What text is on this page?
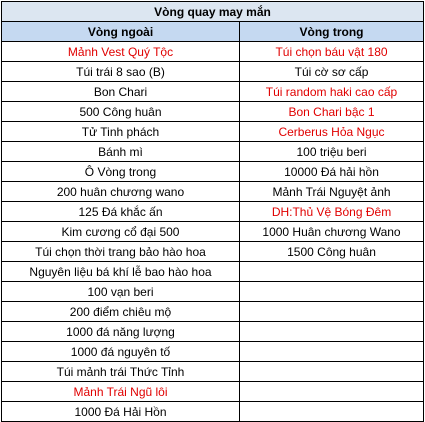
Vòng quay may mắn	
Vòng ngoài	Vòng trong
Mảnh Vest Quý Tộc	Túi chọn báu vật 180
Túi trái 8 sao (B)	Túi cờ sơ cấp
Bon Chari	Túi random haki cao cấp
500 Công huân	Bon Chari bậc 1
Tử Tinh phách	Cerberus Hỏa Ngục
Bánh mì	100 triệu beri
Ô Vòng trong	10000 Đá hải hồn
200 huân chương wano	Mảnh Trái Nguyệt ảnh
125 Đá khắc ấn	DH:Thủ Vệ Bóng Đêm
Kim cương cổ đại 500	1000 Huân chương Wano
Túi chọn thời trang bảo hào hoa	1500 Công huân
Nguyên liệu bá khí lễ bao hào hoa	
100 vạn beri	
200 điểm chiêu mộ	
1000 đá năng lượng	
1000 đá nguyên tố	
Túi mảnh trái Thức Tỉnh	
Mảnh Trái Ngũ lôi	
1000 Đá Hải Hồn	
